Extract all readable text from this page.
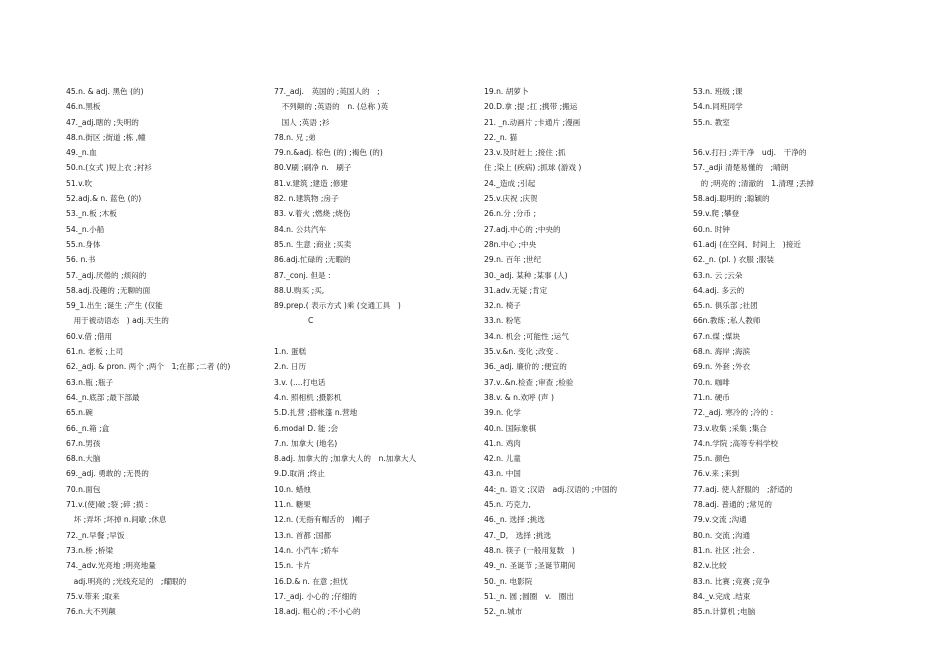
45.n. & adj. 黑色 (的)
46.n.黑板
47._adj.瞎的 ;失明的
48.n.街区 ;街道 ;栋 ,幢
49._n.血
50.n.(女式 )短上衣 ;衬衫
51.v.吹
52.adj.& n. 蓝色 (的)
53._n.板 ;木板
54._n.小船
55.n.身体
56. n.书
57._adj.厌倦的 ;烦闷的
58.adj.没趣的 ;无聊的面
59_1.出生 ;诞生 ;产生 (仅能
　用于被动语态　) adj.天生的
60.v.借 ;借用
61.n. 老板 ;上司
62._adj. & pron. 两个 ;两个　1;在都 ;二者 (的)
63.n.瓶 ;瓶子
64._n.底部 ;最下部最
65.n.碗
66._n.箱 ;盒
67.n.男孩
68.n.大脑
69._adj. 勇敢的 ;无畏的
70.n.面包
71.v.(使)破 ;裂 ;碎 ;损 :
　坏 ;弄坏 ;坏掉 n.间歇 ;休息
72._n.早餐 ;早饭
73.n.桥 ;桥梁
74._adv.光亮地 ;明亮地量
　adj.明亮的 ;光线充足的　;耀眼的
75.v.带来 ;取来
76.n.大不列颠
77._adj.　英国的 ;英国人的　;
　不列颠的 ;英语的　n. (总称 )英
　国人 ;英语 ;衫
78.n. 兄 ;弟
79.n.&adj. 棕色 (的) ;褐色 (的)
80.V刷 ;刷净 n.　刷子
81.v.建筑 ;建造 ;修建
82. n.建筑物 ;房子
83. v.着火 ;燃烧 ;烧伤
84.n. 公共汽车
85.n. 生意 ;商业 ;买卖
86.adj.忙碌的 ;无暇的
87._conj. 但是 :
88.U.购买 ;买,
89.prep.( 表示方式 )乘 (交通工具　)
C
1.n. 蛋糕
2.n. 日历
3.v. (....打电话
4.n. 照相机 ;摄影机
5.D.扎营 ;搭帐篷 n.营地
6.modal D. 能 ;会
7.n. 加拿大 (地名)
8.adj. 加拿大的 ;加拿大人的　n.加拿大人
9.D.取消 ;终止
10.n. 蜡烛
11.n. 糖果
12.n. (无指有帽舌的　)帽子
13.n. 首都 ;国都
14.n. 小汽车 ;轿车
15.n. 卡片
16.D.& n. 在意 ;担忧
17._adj. 小心的 ;仔细的
18.adj. 粗心的 ;不小心的
19.n. 胡萝卜
20.D.拿 ;提 ;扛 ;携带 ;搬运
21. _n.动画片 ;卡通片 ;漫画
22._n. 猫
23.v.及时赶上 ;接住 ;抓
住 ;染上 (疾病) ;抓球 (游戏 )
24._造成 ;引起
25.v.庆祝 ;庆贺
26.n.分 ;分币 ;
27.adj.中心的 ;中央的
28n.中心 ;中央
29.n. 百年 ;世纪
30._adj. 某种 ;某事 (人)
31.adv.无疑 ;肯定
32.n. 椅子
33.n. 粉笔
34.n. 机会 ;可能性 ;运气
35.v.&n. 变化 ;改变 .
36._adj. 廉价的 ;便宜的
37.v..&n.检查 ;审查 ;检验
38.v. & n.欢呼 (声 )
39.n. 化学
40.n. 国际象棋
41.n. 鸡肉
42.n. 儿童
43.n. 中国
44:_n. 语文 ;汉语　adj.汉语的 ;中国的
45.n. 巧克力,
46._n. 选择 ;挑选
47._D,　选择 ;挑选
48.n. 筷子 (一般用复数　)
49._n. 圣诞节 ;圣诞节期间
50._n. 电影院
51._n. 圆 ;圆圈　v.　圈出
52._n.城市
53.n. 班级 ;课
54.n.同班同学
55.n. 教室
56.v.打扫 ;弄干净　udj.　干净的
57._adji 清楚易懂的　;晴朗
　的 ;明亮的 ;清澈的　1.清理 ;丢掉
58.adj.聪明的 ;聪颖的
59.v.爬 ;攀登
60.n. 时钟
61.adj (在空间、时间上　)接近
62._n. (pl. ) 衣服 ;服装
63.n. 云 ;云朵
64.adj. 多云的
65.n. 俱乐部 ;社团
66n.教练 ;私人教师
67.n.煤 ;煤块
68.n. 海岸 ;海滨
69.n. 外套 ;外衣
70.n. 咖啡
71.n. 硬币
72._adj. 寒冷的 ;冷的 :
73.v.收集 ;采集 ;集合
74.n.学院 ;高等专科学校
75.n. 颜色
76.v.来 ;来到
77.adj. 使人舒服的　;舒适的
78.adj. 普通的 ;常见的
79.v.交流 ;沟通
80.n. 交流 ;沟通
81.n. 社区 ;社会 .
82.v.比较
83.n. 比赛 ;竞赛 ;竞争
84._v.完成 .结束
85.n.计算机 ;电脑
